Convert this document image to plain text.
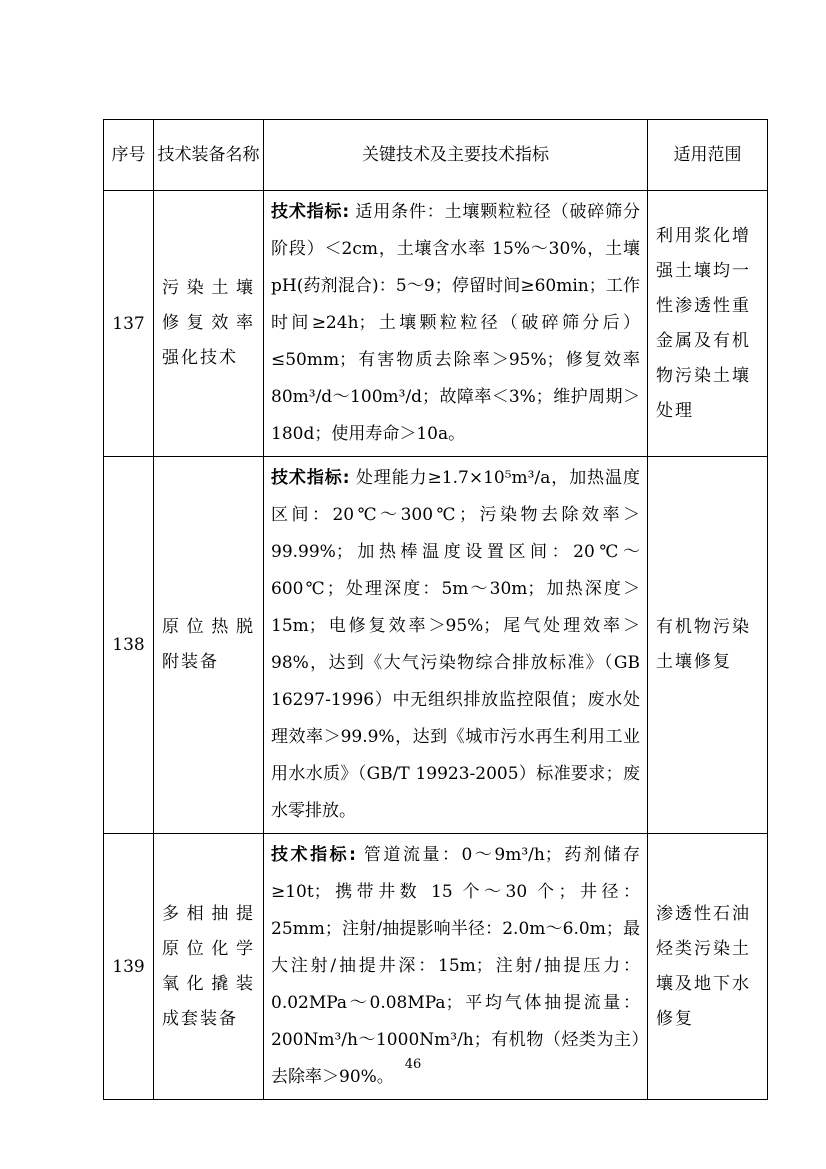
序号	技术装备名称	关键技术及主要技术指标	适用范围
137	污染土壤修复效率强化技术	技术指标: 适用条件：土壤颗粒粒径（破碎筛分阶段）＜2cm，土壤含水率 15%～30%，土壤pH(药剂混合)：5～9；停留时间≥60min；工作时间≥24h；土壤颗粒粒径（破碎筛分后）≤50mm；有害物质去除率＞95%；修复效率80m³/d～100m³/d；故障率＜3%；维护周期＞180d；使用寿命＞10a。	利用浆化增强土壤均一性渗透性重金属及有机物污染土壤处理
138	原位热脱附装备	技术指标: 处理能力≥1.7×10⁵m³/a，加热温度区间：20℃～300℃；污染物去除效率＞99.99%；加热棒温度设置区间：20℃～600℃；处理深度：5m～30m；加热深度＞15m；电修复效率＞95%；尾气处理效率＞98%，达到《大气污染物综合排放标准》（GB 16297-1996）中无组织排放监控限值；废水处理效率＞99.9%，达到《城市污水再生利用工业用水水质》（GB/T 19923-2005）标准要求；废水零排放。	有机物污染土壤修复
139	多相抽提原位化学氧化撬装成套装备	技术指标: 管道流量：0～9m³/h；药剂储存≥10t；携带井数 15 个～30 个；井径：25mm；注射/抽提影响半径：2.0m～6.0m；最大注射/抽提井深：15m；注射/抽提压力：0.02MPa～0.08MPa；平均气体抽提流量：200Nm³/h～1000Nm³/h；有机物（烃类为主）去除率＞90%。	渗透性石油烃类污染土壤及地下水修复
46
